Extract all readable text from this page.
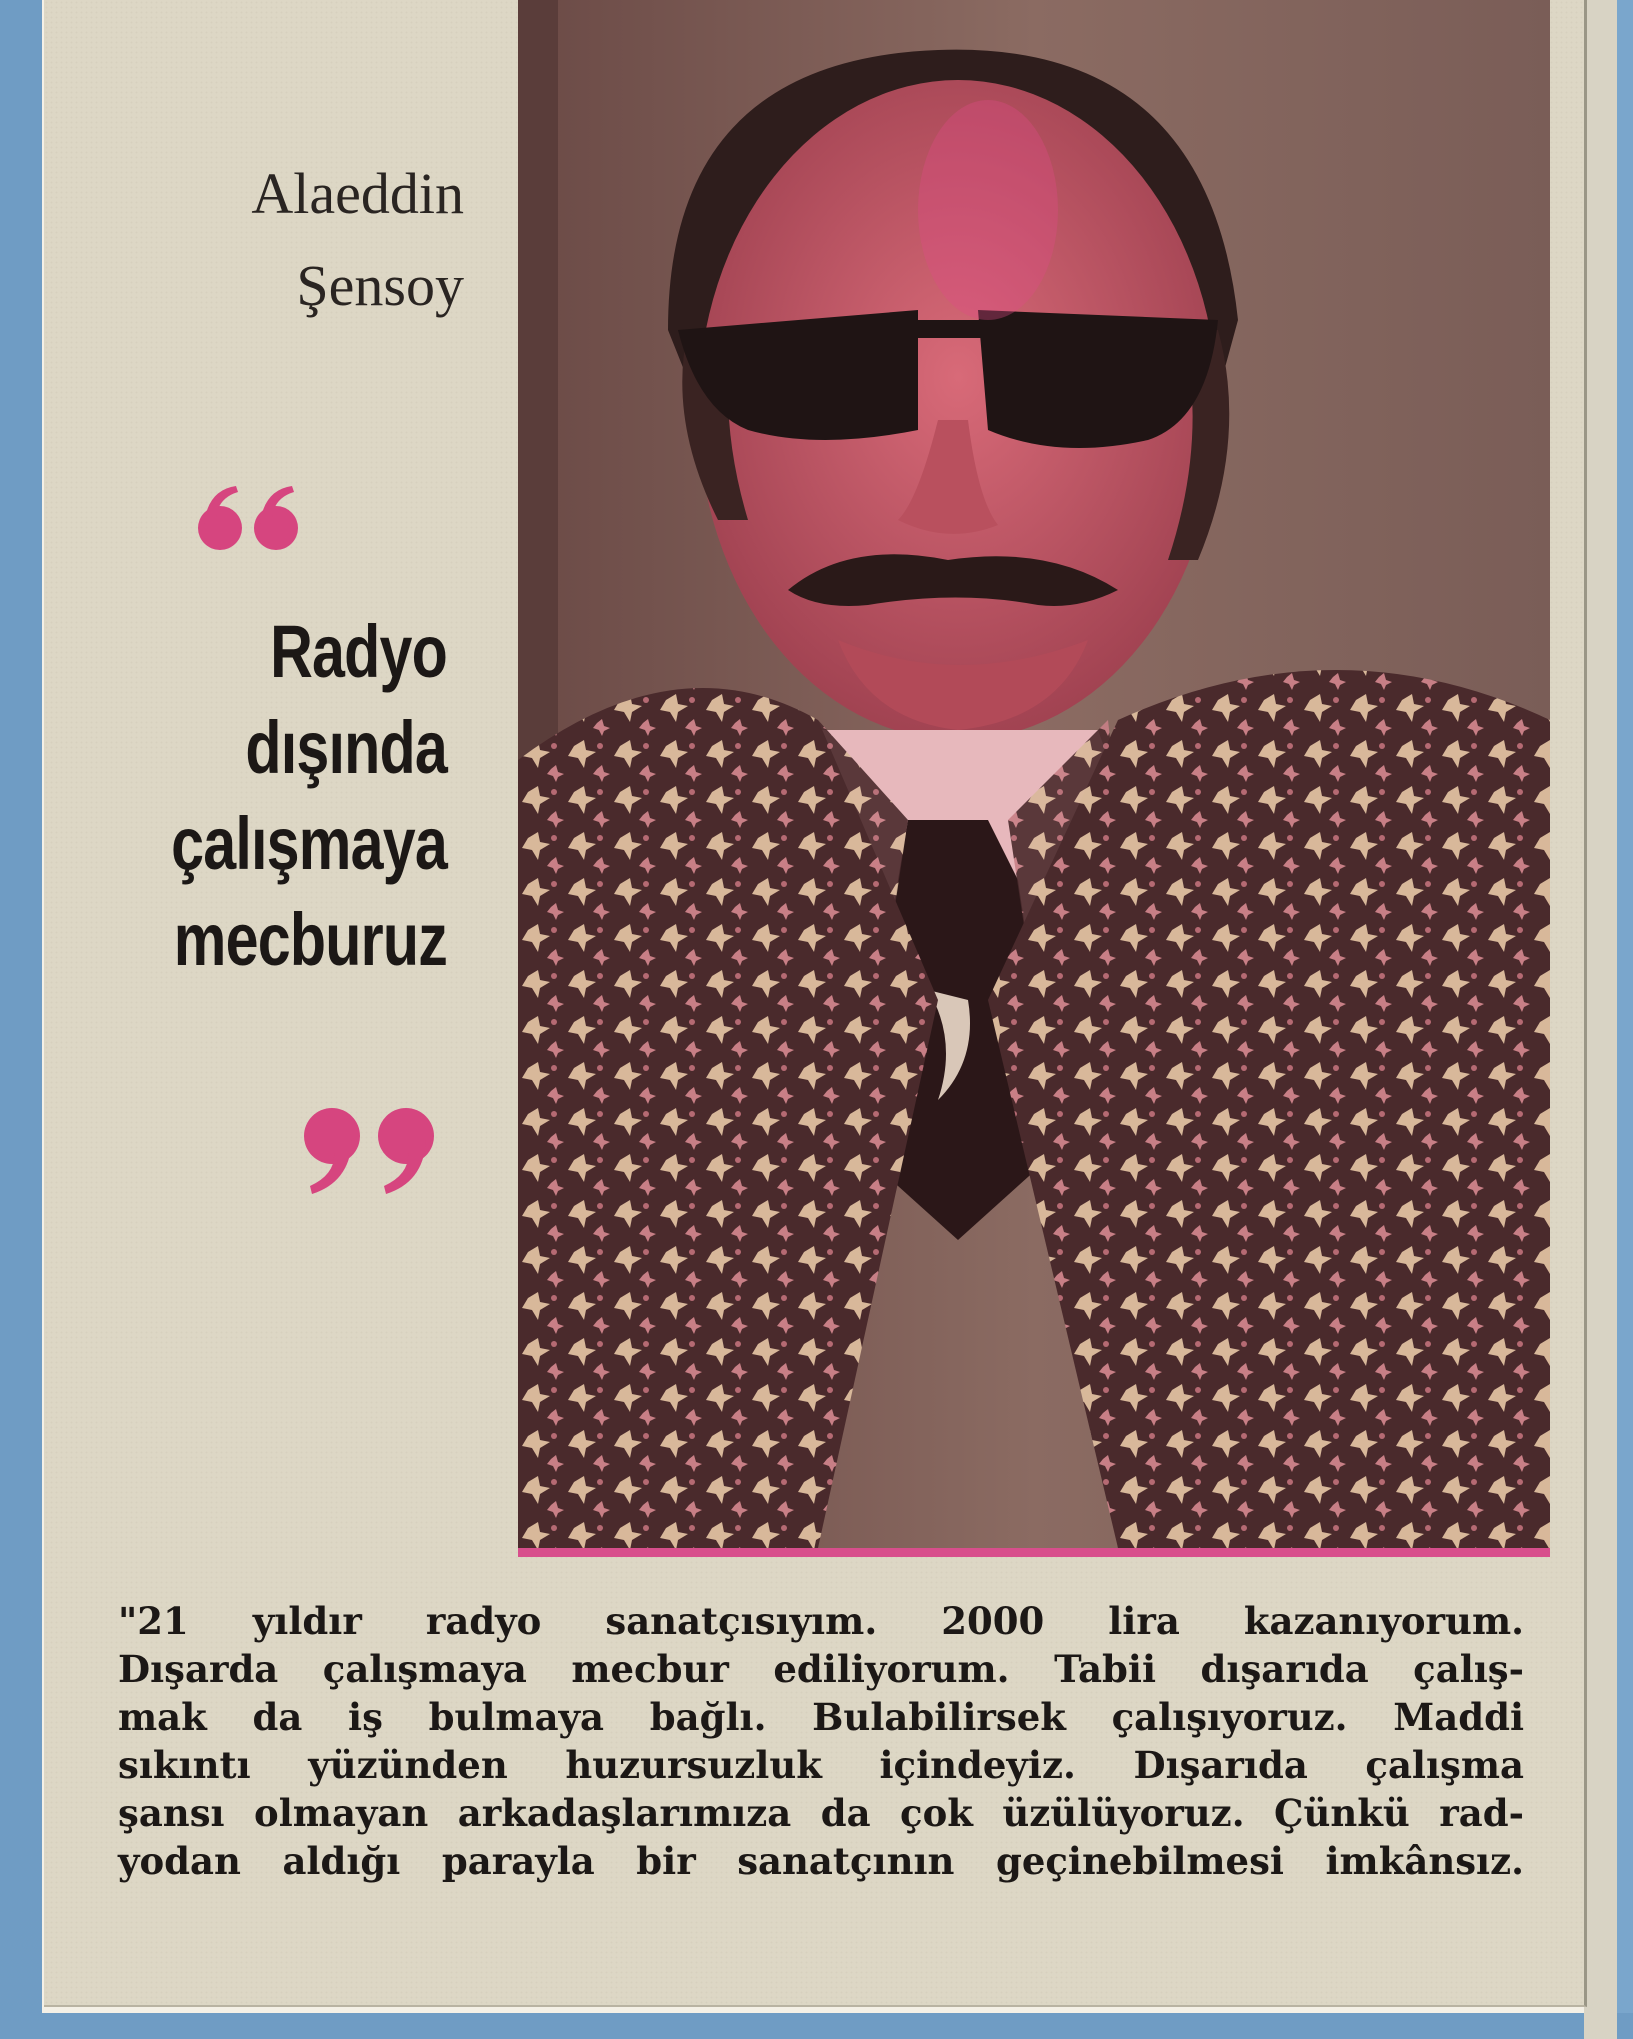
Alaeddin
Şensoy
Radyo
dışında
çalışmaya
mecburuz
"21 yıldır radyo sanatçısıyım. 2000 lira kazanıyorum.
Dışarda çalışmaya mecbur ediliyorum. Tabii dışarıda çalış-
mak da iş bulmaya bağlı. Bulabilirsek çalışıyoruz. Maddi
sıkıntı yüzünden huzursuzluk içindeyiz. Dışarıda çalışma
şansı olmayan arkadaşlarımıza da çok üzülüyoruz. Çünkü rad-
yodan aldığı parayla bir sanatçının geçinebilmesi imkânsız.
